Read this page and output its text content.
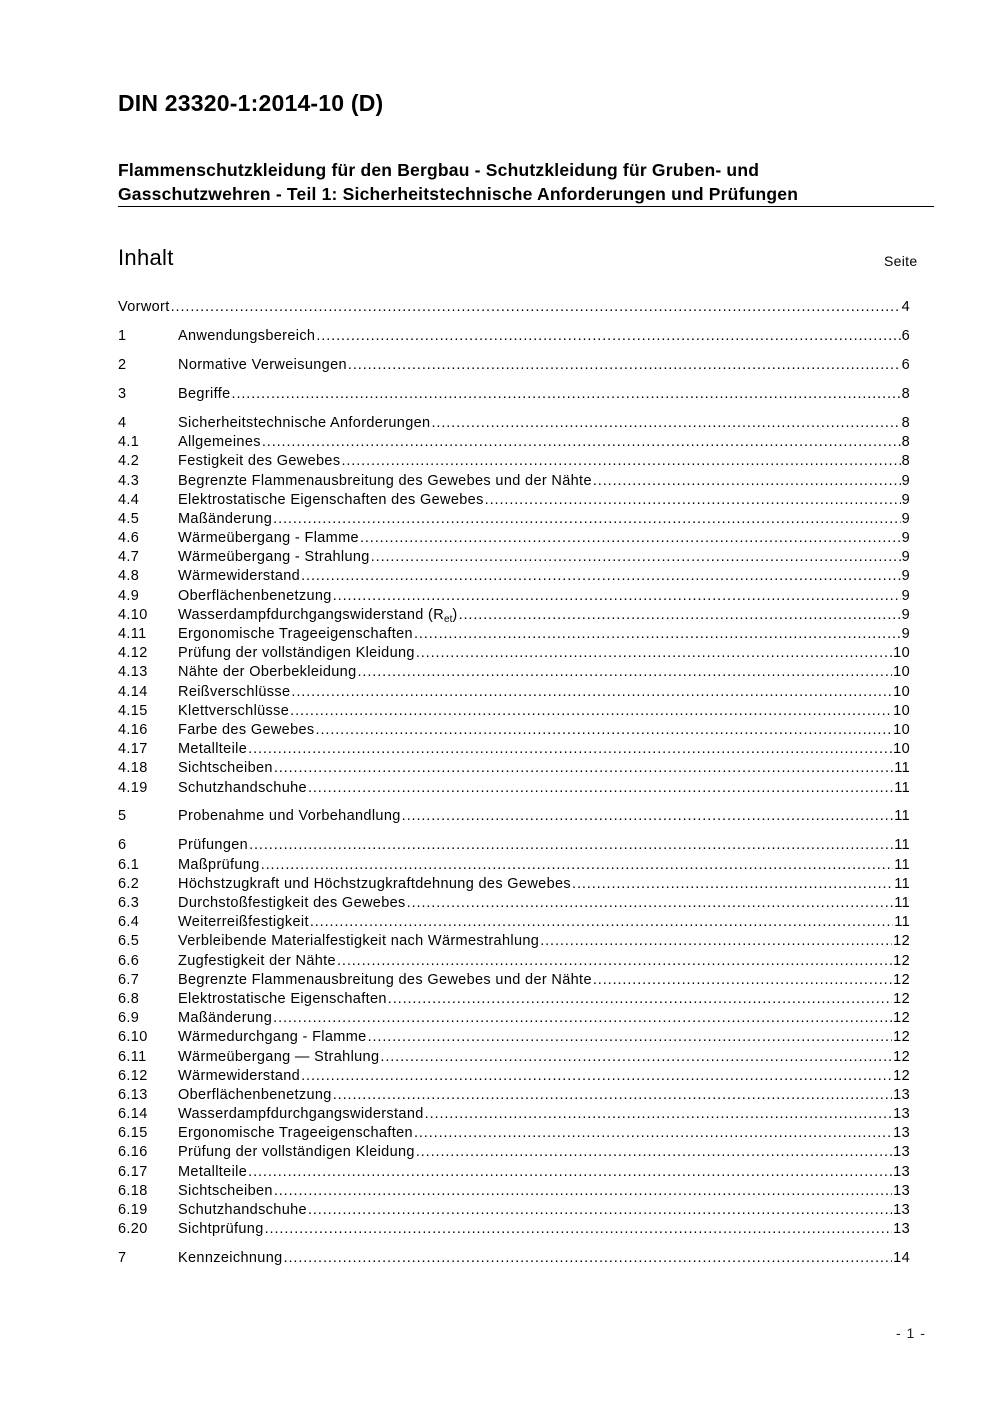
DIN 23320-1:2014-10 (D)
Flammenschutzkleidung für den Bergbau - Schutzkleidung für Gruben- und
Gasschutzwehren - Teil 1: Sicherheitstechnische Anforderungen und Prüfungen
Inhalt	Seite
Vorwort .....	4
1	Anwendungsbereich .....	6
2	Normative Verweisungen .....	6
3	Begriffe .....	8
4	Sicherheitstechnische Anforderungen .....	8
4.1	Allgemeines .....	8
4.2	Festigkeit des Gewebes .....	8
4.3	Begrenzte Flammenausbreitung des Gewebes und der Nähte .....	9
4.4	Elektrostatische Eigenschaften des Gewebes .....	9
4.5	Maßänderung .....	9
4.6	Wärmeübergang - Flamme .....	9
4.7	Wärmeübergang - Strahlung .....	9
4.8	Wärmewiderstand .....	9
4.9	Oberflächenbenetzung .....	9
4.10	Wasserdampfdurchgangswiderstand $(R_{et})$ .....	9
4.11	Ergonomische Trageeigenschaften .....	9
4.12	Prüfung der vollständigen Kleidung .....	10
4.13	Nähte der Oberbekleidung .....	10
4.14	Reißverschlüsse .....	10
4.15	Klettverschlüsse .....	10
4.16	Farbe des Gewebes .....	10
4.17	Metallteile .....	10
4.18	Sichtscheiben .....	11
4.19	Schutzhandschuhe .....	11
5	Probenahme und Vorbehandlung .....	11
6	Prüfungen .....	11
6.1	Maßprüfung .....	11
6.2	Höchstzugkraft und Höchstzugkraftdehnung des Gewebes .....	11
6.3	Durchstoßfestigkeit des Gewebes .....	11
6.4	Weiterreißfestigkeit .....	11
6.5	Verbleibende Materialfestigkeit nach Wärmestrahlung .....	12
6.6	Zugfestigkeit der Nähte .....	12
6.7	Begrenzte Flammenausbreitung des Gewebes und der Nähte .....	12
6.8	Elektrostatische Eigenschaften .....	12
6.9	Maßänderung .....	12
6.10	Wärmedurchgang - Flamme .....	12
6.11	Wärmeübergang — Strahlung .....	12
6.12	Wärmewiderstand .....	12
6.13	Oberflächenbenetzung .....	13
6.14	Wasserdampfdurchgangswiderstand .....	13
6.15	Ergonomische Trageeigenschaften .....	13
6.16	Prüfung der vollständigen Kleidung .....	13
6.17	Metallteile .....	13
6.18	Sichtscheiben .....	13
6.19	Schutzhandschuhe .....	13
6.20	Sichtprüfung .....	13
7	Kennzeichnung .....	14
- 1 -
